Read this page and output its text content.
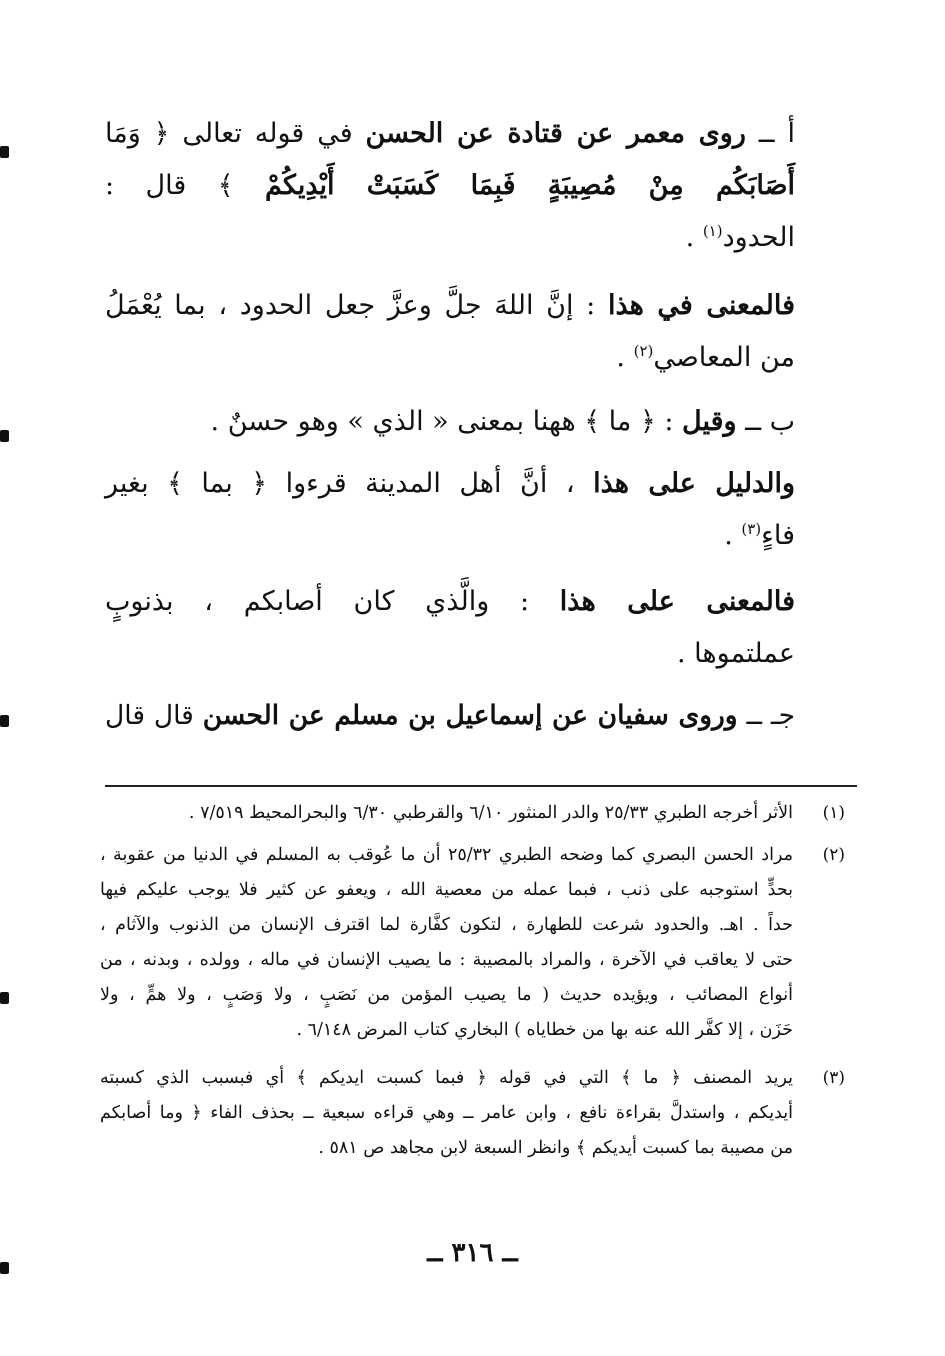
أ ــ روى معمر عن قتادة عن الحسن في قوله تعالى ﴿ وَمَا
أَصَابَكُم مِنْ مُصِيبَةٍ فَبِمَا كَسَبَتْ أَيْدِيكُمْ ﴾ قال :
الحدود$^{(١)}$ .
فالمعنى في هذا : إنَّ اللهَ جلَّ وعزَّ جعل الحدود ، بما يُعْمَلُ
من المعاصي$^{(٢)}$ .
ب ــ وقيل : ﴿ ما ﴾ ههنا بمعنى « الذي » وهو حسنٌ .
والدليل على هذا ، أنَّ أهل المدينة قرءوا ﴿ بما ﴾ بغير
فاءٍ$^{(٣)}$ .
فالمعنى على هذا : والَّذي كان أصابكم ، بذنوبٍ
عملتموها .
جـ ــ وروى سفيان عن إسماعيل بن مسلم عن الحسن قال قال
(١)
الأثر أخرجه الطبري ٢٥/٣٣ والدر المنثور ٦/١٠ والقرطبي ٦/٣٠ والبحرالمحيط ٧/٥١٩ .
(٢)
مراد الحسن البصري كما وضحه الطبري ٢٥/٣٢ أن ما عُوقب به المسلم في الدنيا من عقوبة ،
بحدٍّ استوجبه على ذنب ، فبما عمله من معصية الله ، ويعفو عن كثير فلا يوجب عليكم فيها
حداً . اهـ. والحدود شرعت للطهارة ، لتكون كفَّارة لما اقترف الإنسان من الذنوب والآثام ،
حتى لا يعاقب في الآخرة ، والمراد بالمصيبة : ما يصيب الإنسان في ماله ، وولده ، وبدنه ، من
أنواع المصائب ، ويؤيده حديث ( ما يصيب المؤمن من نَصَبٍ ، ولا وَصَبٍ ، ولا همٍّ ، ولا
حَزَن ، إلا كفَّر الله عنه بها من خطاياه ) البخاري كتاب المرض ٦/١٤٨ .
(٣)
يريد المصنف ﴿ ما ﴾ التي في قوله ﴿ فبما كسبت ايديكم ﴾ أي فبسبب الذي كسبته
أيديكم ، واستدلَّ بقراءة نافع ، وابن عامر ــ وهي قراءه سبعية ــ بحذف الفاء ﴿ وما أصابكم
من مصيبة بما كسبت أيديكم ﴾ وانظر السبعة لابن مجاهد ص ٥٨١ .
ــ ٣١٦ ــ
